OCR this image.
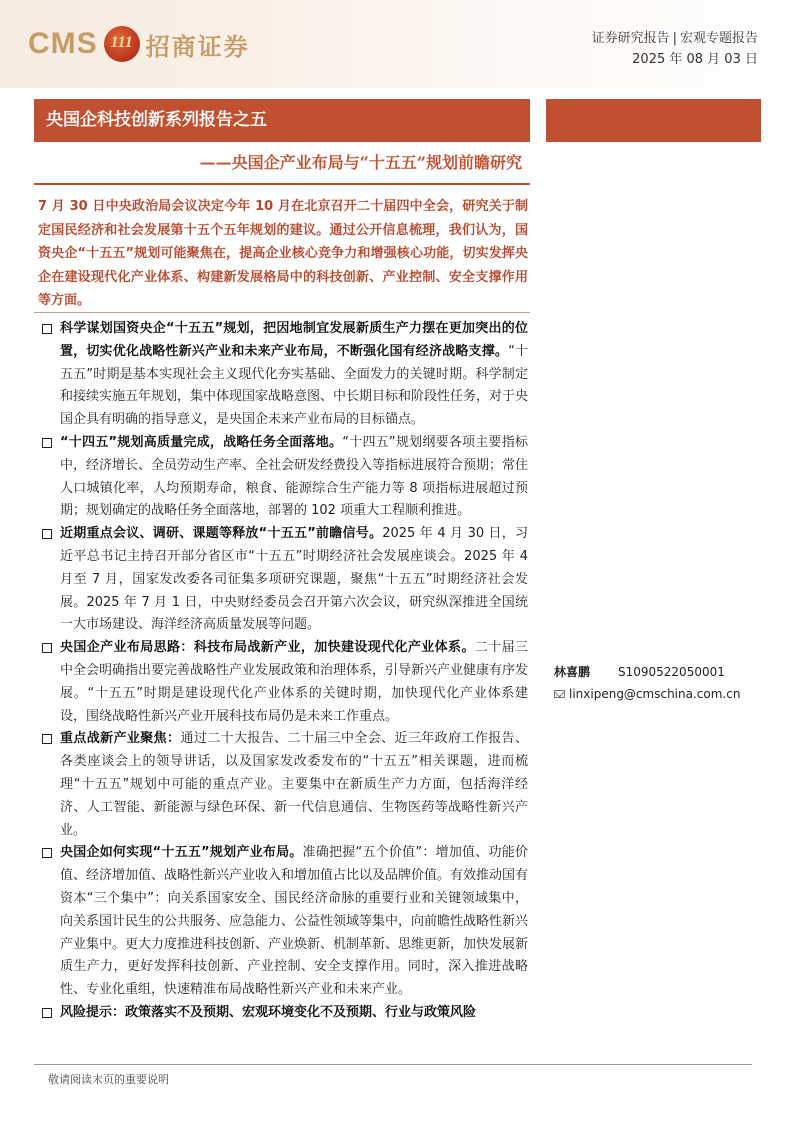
CMS 111 招商证券	证券研究报告 | 宏观专题报告
2025 年 08 月 03 日
央国企科技创新系列报告之五
——央国企产业布局与“十五五”规划前瞻研究
7 月 30 日中央政治局会议决定今年 10 月在北京召开二十届四中全会，研究关于制定国民经济和社会发展第十五个五年规划的建议。通过公开信息梳理，我们认为，国资央企“十五五”规划可能聚焦在，提高企业核心竞争力和增强核心功能，切实发挥央企在建设现代化产业体系、构建新发展格局中的科技创新、产业控制、安全支撑作用等方面。
科学谋划国资央企“十五五”规划，把因地制宜发展新质生产力摆在更加突出的位置，切实优化战略性新兴产业和未来产业布局，不断强化国有经济战略支撑。“十五五”时期是基本实现社会主义现代化夯实基础、全面发力的关键时期。科学制定和接续实施五年规划，集中体现国家战略意图、中长期目标和阶段性任务，对于央国企具有明确的指导意义，是央国企未来产业布局的目标锚点。
“十四五”规划高质量完成，战略任务全面落地。“十四五”规划纲要各项主要指标中，经济增长、全员劳动生产率、全社会研发经费投入等指标进展符合预期；常住人口城镇化率，人均预期寿命，粮食、能源综合生产能力等 8 项指标进展超过预期；规划确定的战略任务全面落地，部署的 102 项重大工程顺利推进。
近期重点会议、调研、课题等释放“十五五”前瞻信号。2025 年 4 月 30 日，习近平总书记主持召开部分省区市“十五五”时期经济社会发展座谈会。2025 年 4 月至 7 月，国家发改委各司征集多项研究课题，聚焦“十五五”时期经济社会发展。2025 年 7 月 1 日，中央财经委员会召开第六次会议，研究纵深推进全国统一大市场建设、海洋经济高质量发展等问题。
央国企产业布局思路：科技布局战新产业，加快建设现代化产业体系。二十届三中全会明确指出要完善战略性产业发展政策和治理体系，引导新兴产业健康有序发展。“十五五”时期是建设现代化产业体系的关键时期，加快现代化产业体系建设，围绕战略性新兴产业开展科技布局仍是未来工作重点。
重点战新产业聚焦：通过二十大报告、二十届三中全会、近三年政府工作报告、各类座谈会上的领导讲话，以及国家发改委发布的“十五五”相关课题，进而梳理“十五五”规划中可能的重点产业。主要集中在新质生产力方面，包括海洋经济、人工智能、新能源与绿色环保、新一代信息通信、生物医药等战略性新兴产业。
央国企如何实现“十五五”规划产业布局。准确把握“五个价值”：增加值、功能价值、经济增加值、战略性新兴产业收入和增加值占比以及品牌价值。有效推动国有资本“三个集中”：向关系国家安全、国民经济命脉的重要行业和关键领域集中，向关系国计民生的公共服务、应急能力、公益性领域等集中，向前瞻性战略性新兴产业集中。更大力度推进科技创新、产业焕新、机制革新、思维更新，加快发展新质生产力，更好发挥科技创新、产业控制、安全支撑作用。同时，深入推进战略性、专业化重组，快速精准布局战略性新兴产业和未来产业。
风险提示：政策落实不及预期、宏观环境变化不及预期、行业与政策风险
林喜鹏	S1090522050001
linxipeng@cmschina.com.cn
敬请阅读末页的重要说明
